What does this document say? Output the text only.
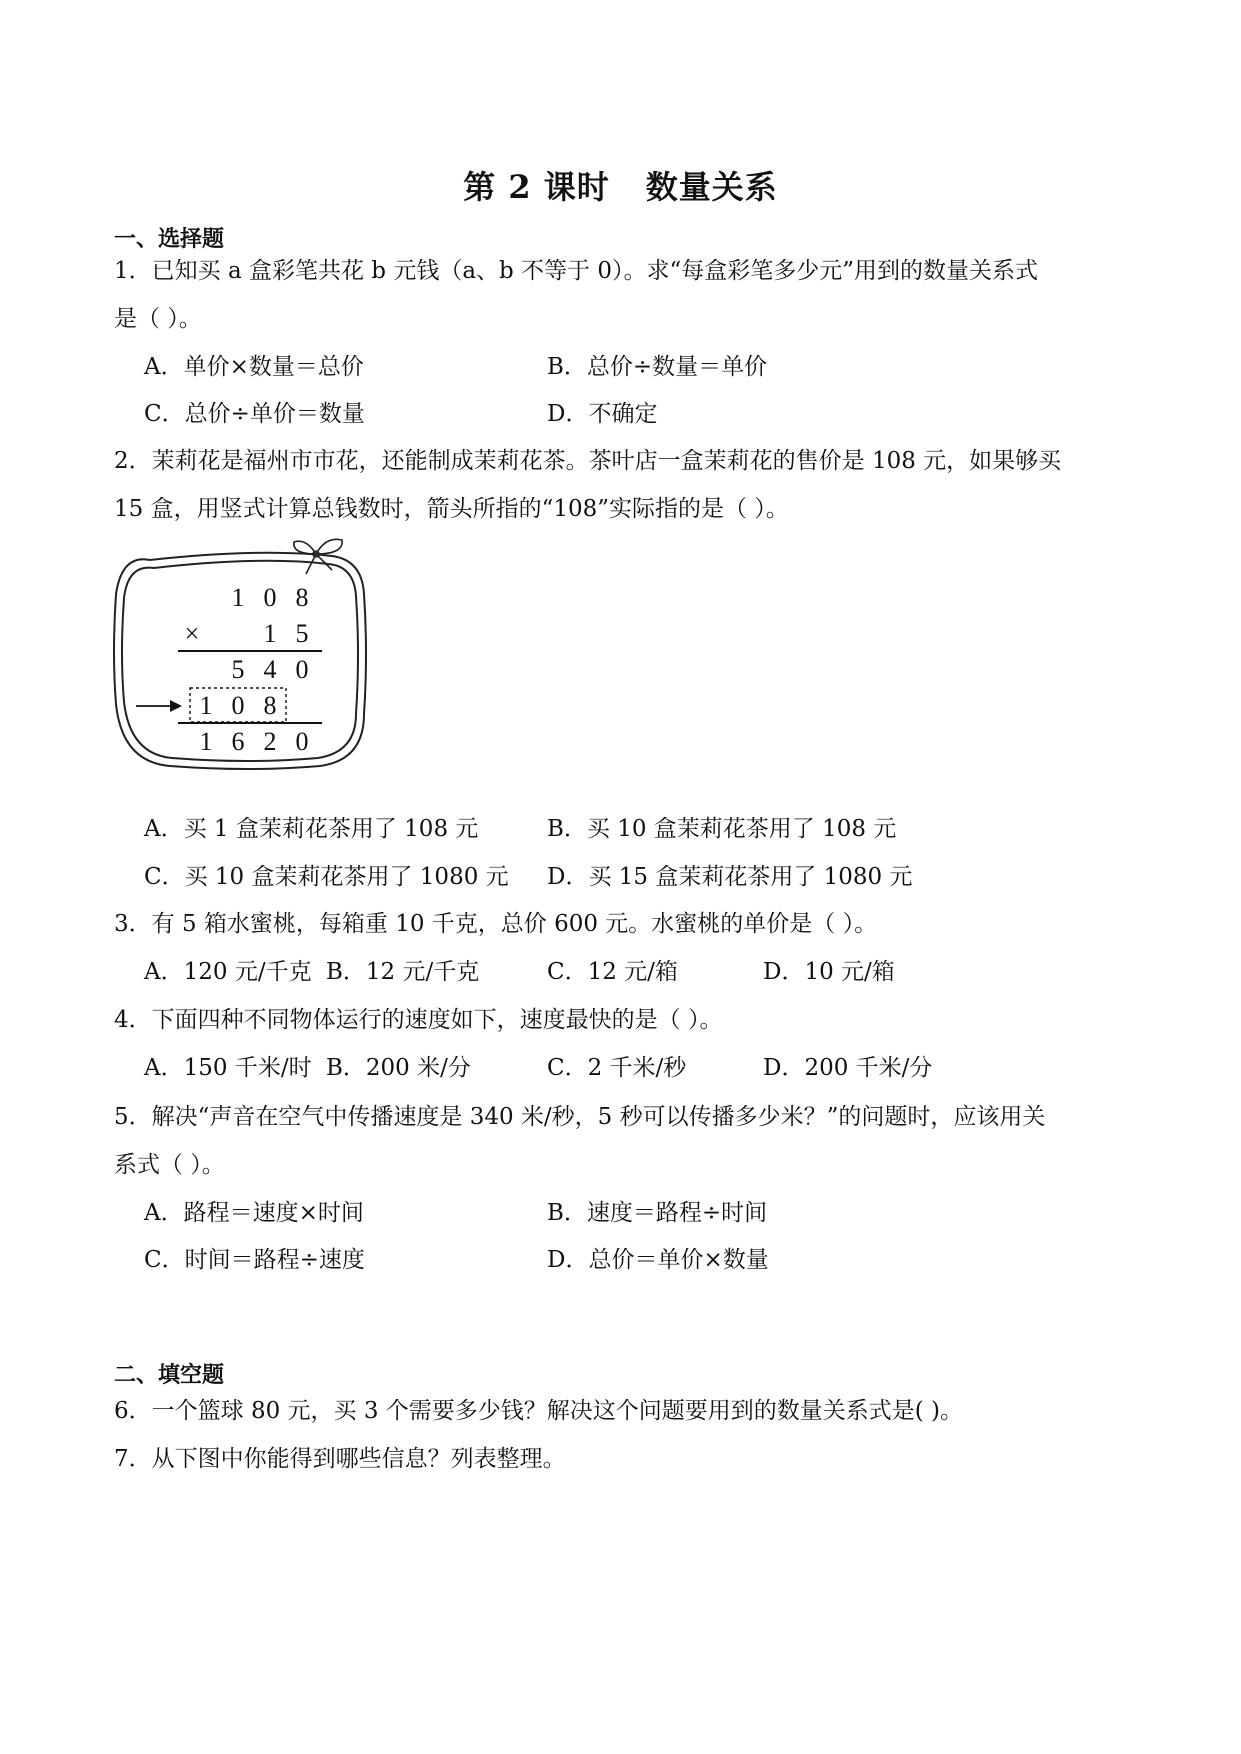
第 2 课时 数量关系
一、选择题
1．已知买 a 盒彩笔共花 b 元钱（a、b 不等于 0）。求“每盒彩笔多少元”用到的数量关系式
是（ ）。
A．单价×数量＝总价	B．总价÷数量＝单价
C．总价÷单价＝数量	D．不确定
2．茉莉花是福州市市花，还能制成茉莉花茶。茶叶店一盒茉莉花的售价是 108 元，如果够买
15 盒，用竖式计算总钱数时，箭头所指的“108”实际指的是（ ）。
1 0 8
× 1 5
5 4 0
1 0 8
1 6 2 0
A．买 1 盒茉莉花茶用了 108 元	B．买 10 盒茉莉花茶用了 108 元
C．买 10 盒茉莉花茶用了 1080 元 D．买 15 盒茉莉花茶用了 1080 元
3．有 5 箱水蜜桃，每箱重 10 千克，总价 600 元。水蜜桃的单价是（ ）。
A．120 元/千克 B．12 元/千克	C．12 元/箱	D．10 元/箱
4．下面四种不同物体运行的速度如下，速度最快的是（ ）。
A．150 千米/时 B．200 米/分	C．2 千米/秒	D．200 千米/分
5．解决“声音在空气中传播速度是 340 米/秒，5 秒可以传播多少米？”的问题时，应该用关
系式（ ）。
A．路程＝速度×时间	B．速度＝路程÷时间
C．时间＝路程÷速度	D．总价＝单价×数量
二、填空题
6．一个篮球 80 元，买 3 个需要多少钱？解决这个问题要用到的数量关系式是( )。
7．从下图中你能得到哪些信息？列表整理。
